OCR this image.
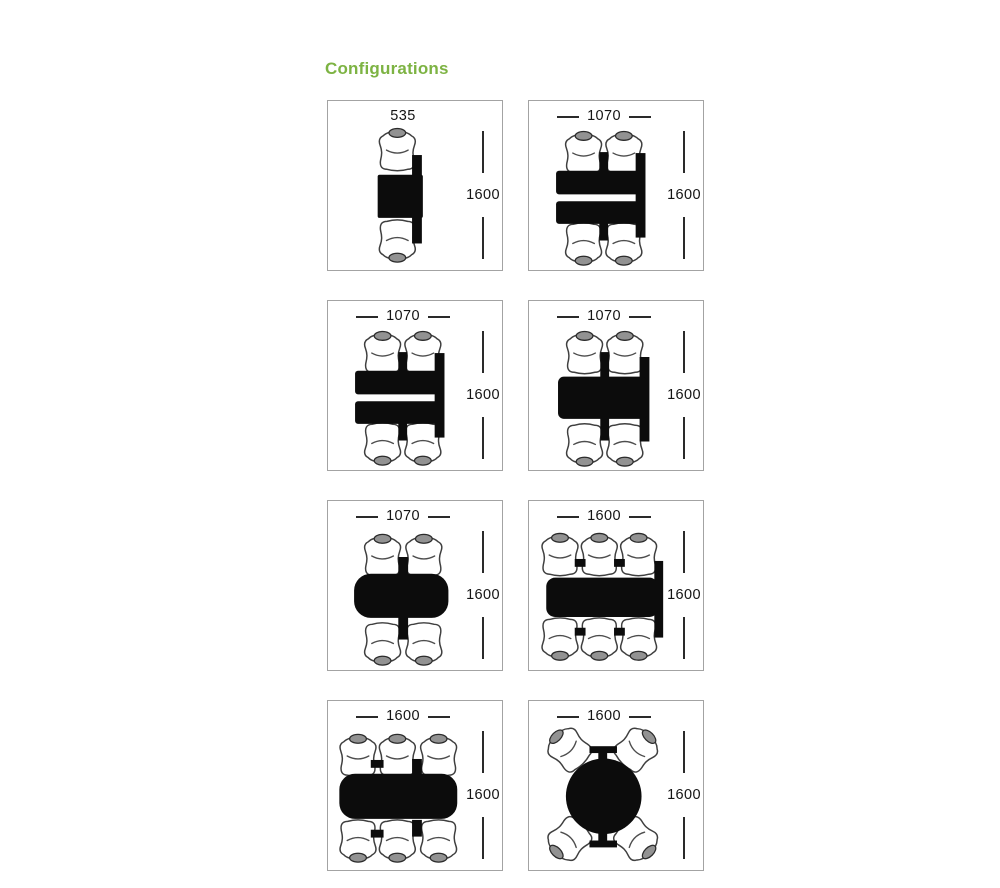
Configurations
535
1600
1070
1600
1070
1600
1070
1600
1070
1600
1600
1600
1600
1600
1600
1600
